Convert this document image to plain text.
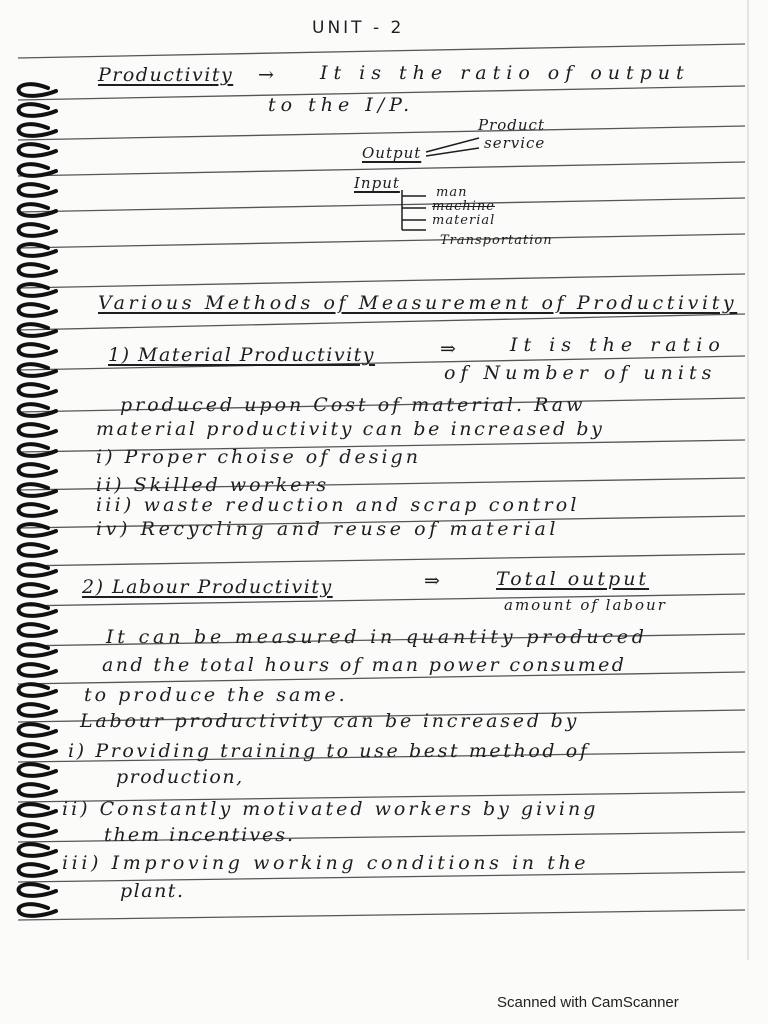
UNIT - 2
Productivity → It is the ratio of output
to the I/P.
Product
Output
service
Input
man
machine
material
Transportation
Various Methods of Measurement of Productivity
1) Material Productivity	⇒	It is the ratio
of Number of units
produced upon Cost of material. Raw
material productivity can be increased by
i) Proper choise of design
ii) Skilled workers
iii) waste reduction and scrap control
iv) Recycling and reuse of material
2) Labour Productivity	⇒	Total output
amount of labour
It can be measured in quantity produced
and the total hours of man power consumed
to produce the same.
Labour productivity can be increased by
i) Providing training to use best method of
production,
ii) Constantly motivated workers by giving
them incentives.
iii) Improving working conditions in the
plant.
Scanned with CamScanner
